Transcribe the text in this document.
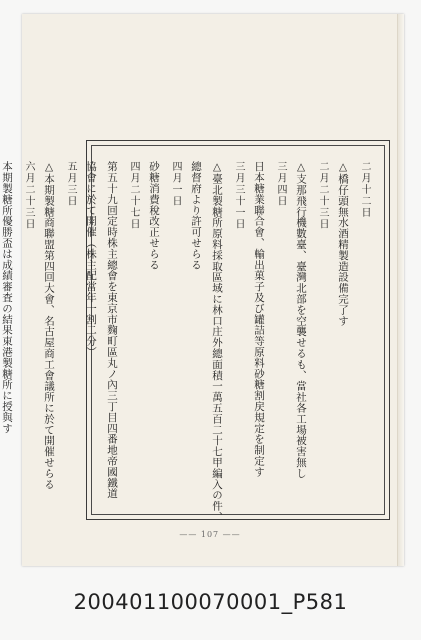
二月十二日
△橋仔頭無水酒精製造設備完了す
二月二十三日
△支那飛行機數臺、臺灣北部を空襲せるも、當社各工場被害無し
三月四日
日本糖業聯合會、輸出菓子及び罐詰等原料砂糖割戻規定を制定す
三月三十一日
△臺北製糖所原料採取區域に林口庄外總面積一萬五百二十七甲編入の件、
總督府より許可せらる
四月一日
砂糖消費稅改正せらる
四月二十七日
第五十九回定時株主總會を東京市麴町區丸ノ內三丁目四番地帝國鐵道
協會に於て開催（株主配當年一割二分）
五月三日
△本期製糖商聯盟第四回大會、名古屋商工會議所に於て開催せらる
六月二十三日
本期製糖所優勝盃は成績審査の結果東港製糖所に授與す
—— 107 ——
200401100070001_P581
